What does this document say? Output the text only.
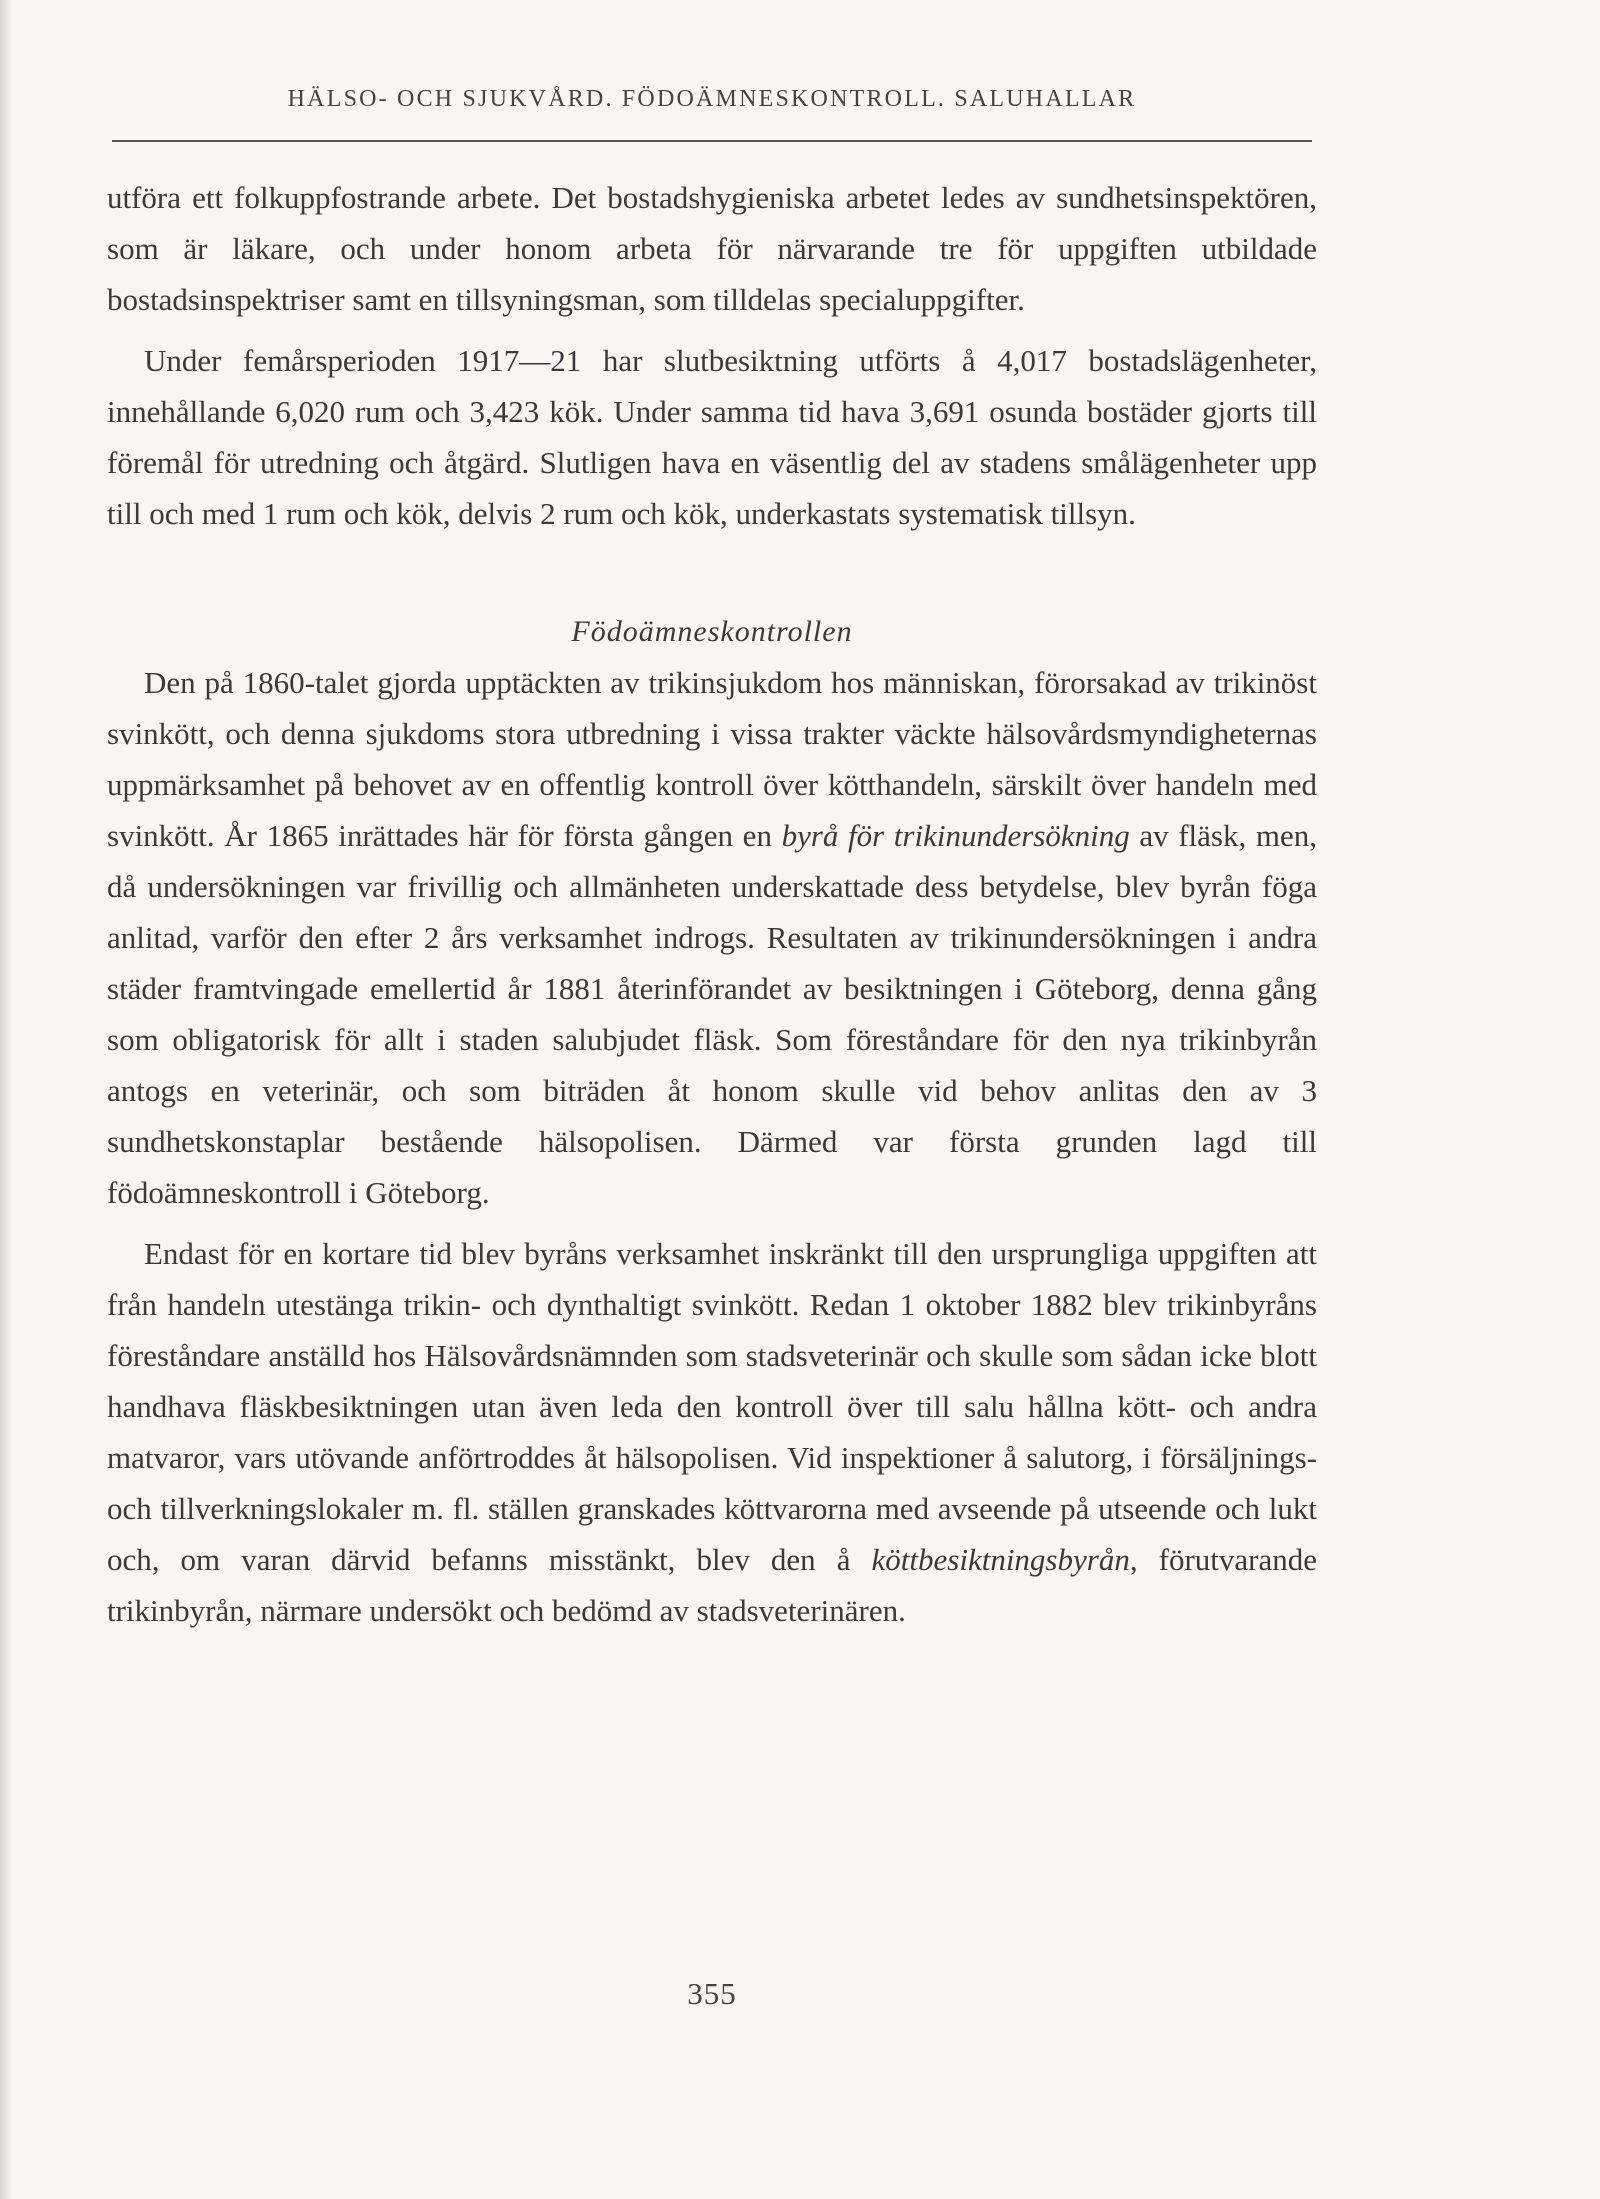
HÄLSO- OCH SJUKVÅRD. FÖDOÄMNESKONTROLL. SALUHALLAR

utföra ett folkuppfostrande arbete. Det bostadshygieniska arbetet ledes av sundhetsinspektören, som är läkare, och under honom arbeta för närvarande tre för uppgiften utbildade bostadsinspektriser samt en tillsyningsman, som tilldelas specialuppgifter.

Under femårsperioden 1917—21 har slutbesiktning utförts å 4,017 bostadslägenheter, innehållande 6,020 rum och 3,423 kök. Under samma tid hava 3,691 osunda bostäder gjorts till föremål för utredning och åtgärd. Slutligen hava en väsentlig del av stadens smålägenheter upp till och med 1 rum och kök, delvis 2 rum och kök, underkastats systematisk tillsyn.

Födoämneskontrollen

Den på 1860-talet gjorda upptäckten av trikinsjukdom hos människan, förorsakad av trikinöst svinkött, och denna sjukdoms stora utbredning i vissa trakter väckte hälsovårdsmyndigheternas uppmärksamhet på behovet av en offentlig kontroll över kötthandeln, särskilt över handeln med svinkött. År 1865 inrättades här för första gången en byrå för trikinundersökning av fläsk, men, då undersökningen var frivillig och allmänheten underskattade dess betydelse, blev byrån föga anlitad, varför den efter 2 års verksamhet indrogs. Resultaten av trikinundersökningen i andra städer framtvingade emellertid år 1881 återinförandet av besiktningen i Göteborg, denna gång som obligatorisk för allt i staden salubjudet fläsk. Som föreståndare för den nya trikinbyrån antogs en veterinär, och som biträden åt honom skulle vid behov anlitas den av 3 sundhetskonstaplar bestående hälsopolisen. Därmed var första grunden lagd till födoämneskontroll i Göteborg.

Endast för en kortare tid blev byråns verksamhet inskränkt till den ursprungliga uppgiften att från handeln utestänga trikin- och dynthaltigt svinkött. Redan 1 oktober 1882 blev trikinbyråns föreståndare anställd hos Hälsovårdsnämnden som stadsveterinär och skulle som sådan icke blott handhava fläskbesiktningen utan även leda den kontroll över till salu hållna kött- och andra matvaror, vars utövande anförtroddes åt hälsopolisen. Vid inspektioner å salutorg, i försäljnings- och tillverkningslokaler m. fl. ställen granskades köttvarorna med avseende på utseende och lukt och, om varan därvid befanns misstänkt, blev den å köttbesiktningsbyrån, förutvarande trikinbyrån, närmare undersökt och bedömd av stadsveterinären.

355
